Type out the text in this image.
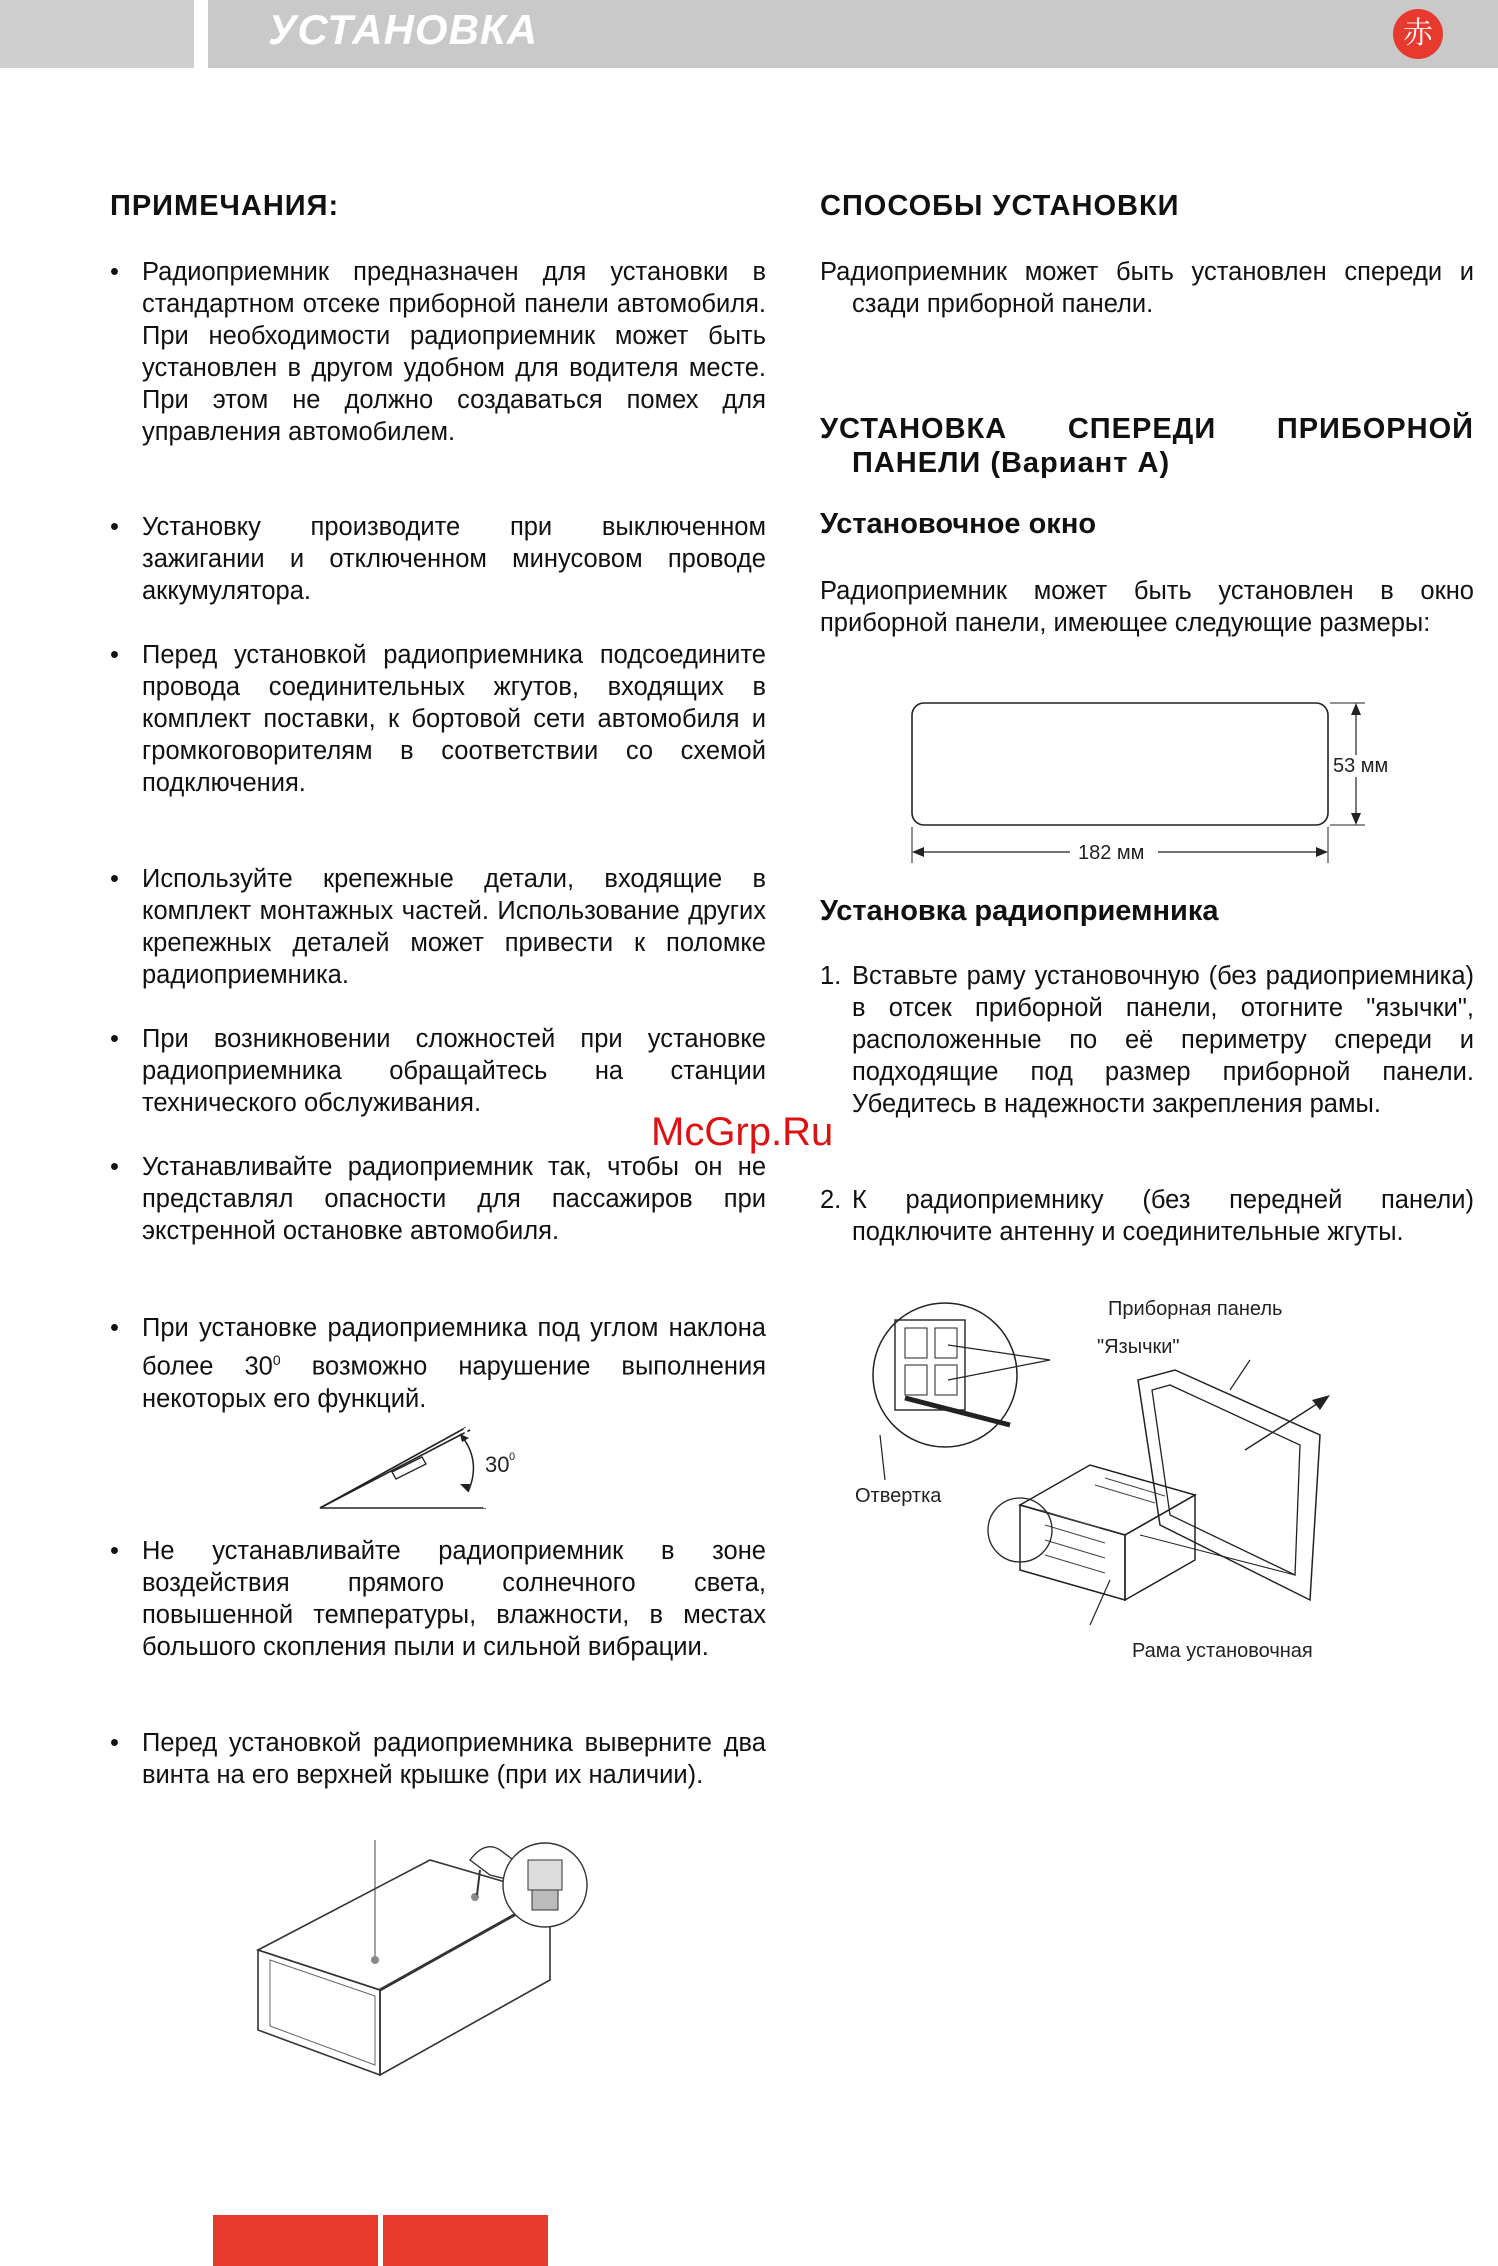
УСТАНОВКА	赤
ПРИМЕЧАНИЯ:

• Радиоприемник предназначен для установки в стандартном отсеке приборной панели автомобиля. При необходимости радиоприемник может быть установлен в другом удобном для водителя месте. При этом не должно создаваться помех для управления автомобилем.

• Установку производите при выключенном зажигании и отключенном минусовом проводе аккумулятора.

• Перед установкой радиоприемника подсоедините провода соединительных жгутов, входящих в комплект поставки, к бортовой сети автомобиля и громкоговорителям в соответствии со схемой подключения.

• Используйте крепежные детали, входящие в комплект монтажных частей. Использование других крепежных деталей может привести к поломке радиоприемника.

• При возникновении сложностей при установке радиоприемника обращайтесь на станции технического обслуживания.

• Устанавливайте радиоприемник так, чтобы он не представлял опасности для пассажиров при экстренной остановке автомобиля.

• При установке радиоприемника под углом наклона более $30^0$ возможно нарушение выполнения некоторых его функций.

30 0

• Не устанавливайте радиоприемник в зоне воздействия прямого солнечного света, повышенной температуры, влажности, в местах большого скопления пыли и сильной вибрации.

• Перед установкой радиоприемника выверните два винта на его верхней крышке (при их наличии).

СПОСОБЫ УСТАНОВКИ

Радиоприемник может быть установлен спереди и сзади приборной панели.

УСТАНОВКА СПЕРЕДИ ПРИБОРНОЙ ПАНЕЛИ (Вариант А)

Установочное окно

Радиоприемник может быть установлен в окно приборной панели, имеющее следующие размеры:

53 мм
182 мм
Установка радиоприемника

1. Вставьте раму установочную (без радиоприемника) в отсек приборной панели, отогните "язычки", расположенные по её периметру спереди и подходящие под размер приборной панели. Убедитесь в надежности закрепления рамы.

2. К радиоприемнику (без передней панели) подключите антенну и соединительные жгуты.

"Язычки"
Приборная панель
Отвертка
Рама установочная
McGrp.Ru
